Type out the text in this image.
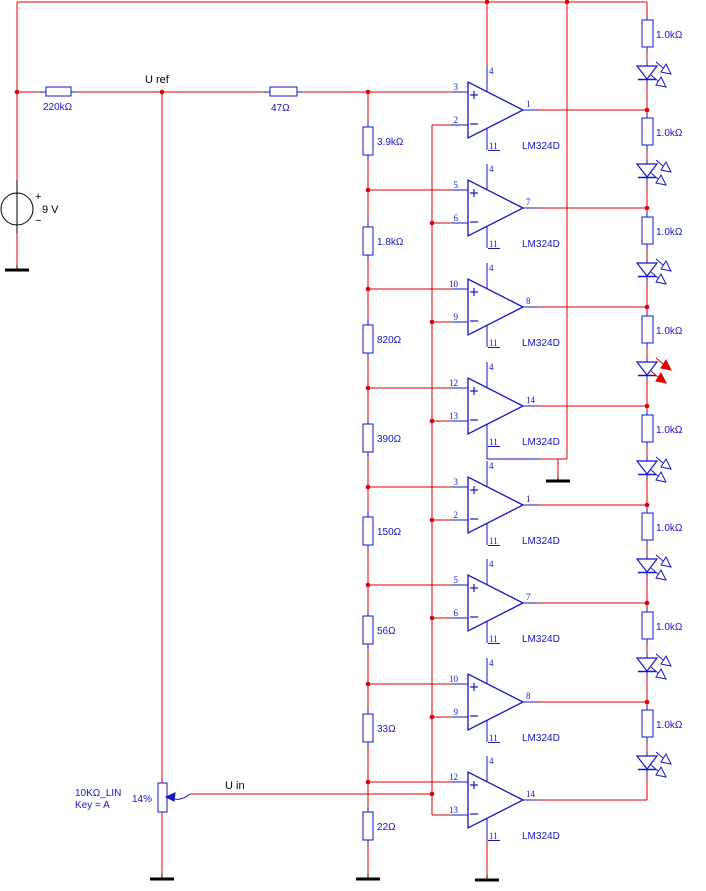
+
9 V
−
220kΩ	47Ω
U ref
U in
10KΩ_LIN
Key = A
14%
3.9kΩ
1.8kΩ
820Ω
390Ω
150Ω
56Ω
33Ω
22Ω
1.0kΩ
1.0kΩ
1.0kΩ
1.0kΩ
1.0kΩ
1.0kΩ
1.0kΩ
1.0kΩ
3
2
1
4
11 LM324D
5
6
7
4
11 LM324D
10
9
8
4
11 LM324D
12
13
14
4
11 LM324D
3
2
1
4
11 LM324D
5
6
7
4
11 LM324D
10
9
8
4
11 LM324D
12
13
14
4
11 LM324D
